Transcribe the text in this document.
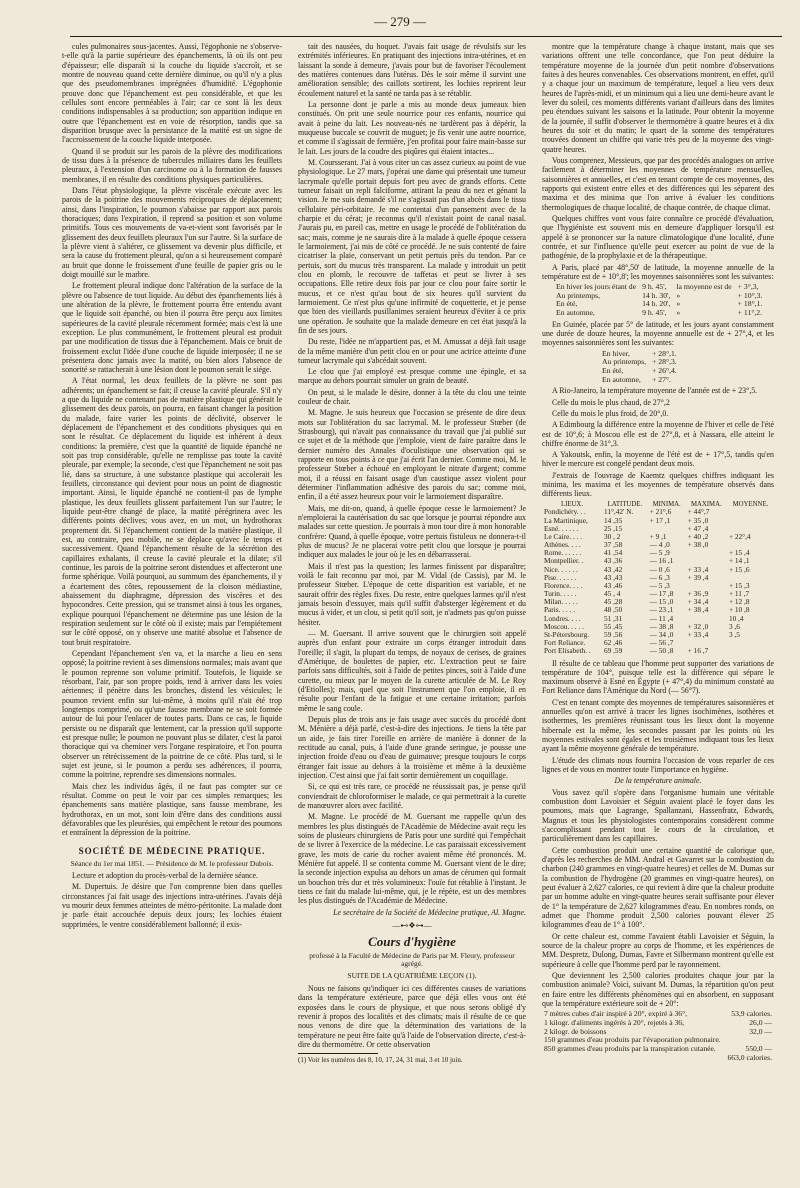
— 279 —

cules pulmonaires sous-jacentes. Aussi, l'égophonie ne s'observe-t-elle qu'à la partie supérieure des épanchements, là où ils ont peu d'épaisseur; elle disparaît si la couche du liquide s'accroît, et se montre de nouveau quand cette dernière diminue, ou qu'il n'y a plus que des pseudomembranes imprégnées d'humidité. L'égophonie prouve donc que l'épanchement est peu considérable, et que les cellules sont encore perméables à l'air; car ce sont là les deux conditions indispensables à sa production; son apparition indique en outre que l'épanchement est en voie de résorption, tandis que sa disparition brusque avec la persistance de la matité est un signe de l'accroissement de la couche liquide interposée.

Quand il se produit sur les parois de la plèvre des modifications de tissu dues à la présence de tubercules miliaires dans les feuillets pleuraux, à l'extension d'un carcinome ou à la formation de fausses membranes, il en résulte des conditions physiques particulières.

Dans l'état physiologique, la plèvre viscérale exécute avec les parois de la poitrine des mouvements réciproques de déplacement; ainsi, dans l'inspiration, le poumon s'abaisse par rapport aux parois thoraciques; dans l'expiration, il reprend sa position et son volume primitifs. Tous ces mouvements de va-et-vient sont favorisés par le glissement des deux feuillets pleuraux l'un sur l'autre. Si la surface de la plèvre vient à s'altérer, ce glissement va devenir plus difficile, et sera la cause du frottement pleural, qu'on a si heureusement comparé au bruit que donne le froissement d'une feuille de papier gris ou le doigt mouillé sur le marbre.

Le frottement pleural indique donc l'altération de la surface de la plèvre ou l'absence de tout liquide. Au début des épanchements liés à une altération de la plèvre, le frottement pourra être entendu avant que le liquide soit épanché, ou bien il pourra être perçu aux limites supérieures de la cavité pleurale récemment formée; mais c'est là une exception. Le plus communément, le frottement pleural est produit par une modification de tissus due à l'épanchement. Mais ce bruit de froissement exclut l'idée d'une couche de liquide interposée; il ne se présentera donc jamais avec la matité, ou bien alors l'absence de sonorité se rattacherait à une lésion dont le poumon serait le siége.

A l'état normal, les deux feuillets de la plèvre ne sont pas adhérents; un épanchement se fait; il creuse la cavité pleurale. S'il n'y a que du liquide ne contenant pas de matière plastique qui générait le glissement des deux parois, on pourra, en faisant changer la position du malade, faire varier les points de déclivité, observer le déplacement de l'épanchement et des conditions physiques qui en sont le résultat. Ce déplacement du liquide est inhérent à deux conditions: la première, c'est que la quantité de liquide épanché ne soit pas trop considérable, qu'elle ne remplisse pas toute la cavité pleurale, par exemple; la seconde, c'est que l'épanchement ne soit pas lié, dans sa structure, à une substance plastique qui accolerait les feuillets, circonstance qui devient pour nous un point de diagnostic important. Ainsi, le liquide épanché ne contient-il pas de lymphe plastique, les deux feuillets glissent parfaitement l'un sur l'autre; le liquide peut-être changé de place, la matité pérégrinera avec les différents points déclives; vous avez, en un mot, un hydrothorax proprement dit. Si l'épanchement contient de la matière plastique, il est, au contraire, peu mobile, ne se déplace qu'avec le temps et successivement. Quand l'épanchement résulte de la sécrétion des capillaires exhalants, il creuse la cavité pleurale et la dilate; s'il continue, les parois de la poitrine seront distendues et affecteront une forme sphérique. Voilà pourquoi, au summum des épanchements, il y a écartement des côtes, repoussement de la cloison médiastine, abaissement du diaphragme, dépression des viscères et des hypocondres. Cette pression, qui se transmet ainsi à tous les organes, explique pourquoi l'épanchement ne détermine pas une lésion de la respiration seulement sur le côté où il existe; mais par l'empiétement sur le côté opposé, on y observe une matité absolue et l'absence de tout bruit respiratoire.

Cependant l'épanchement s'en va, et la marche a lieu en sens opposé; la poitrine revient à ses dimensions normales; mais avant que le poumon reprenne son volume primitif. Toutefois, le liquide se résorbant, l'air, par son propre poids, tend à arriver dans les voies aériennes; il pénètre dans les bronches, distend les vésicules; le poumon revient enfin sur lui-même, à moins qu'il n'ait été trop longtemps comprimé, ou qu'une fausse membrane ne se soit formée autour de lui pour l'enlacer de toutes parts. Dans ce cas, le liquide persiste ou ne disparaît que lentement, car la pression qu'il supporte est presque nulle; le poumon ne pouvant plus se dilater, c'est la paroi thoracique qui va cheminer vers l'organe respiratoire, et l'on pourra observer un rétrécissement de la poitrine de ce côté. Plus tard, si le sujet est jeune, si le poumon a perdu ses adhérences, il pourra, comme la poitrine, reprendre ses dimensions normales.

Mais chez les individus âgés, il ne faut pas compter sur ce résultat. Comme on peut le voir par ces simples remarques; les épanchements sans matière plastique, sans fausse membrane, les hydrothorax, en un mot, sont loin d'être dans des conditions aussi défavorables que les pleurésies, qui empêchent le retour des poumons et entraînent la dépression de la poitrine.

SOCIÉTÉ DE MÉDECINE PRATIQUE.

Séance du 1er mai 1851. — Présidence de M. le professeur Dubois.

Lecture et adoption du procès-verbal de la dernière séance.

M. Dupertuis. Je désire que l'on comprenne bien dans quelles circonstances j'ai fait usage des injections intra-utérines. J'avais déjà vu mourir deux femmes atteintes de métro-péritonite. La malade dont je parle était accouchée depuis deux jours; les lochies étaient supprimées, le ventre considérablement ballonné; il exis-

tait des nausées, du hoquet. J'avais fait usage de révulsifs sur les extrémités inférieures. En pratiquant des injections intra-utérines, et en laissant la sonde à demeure, j'avais pour but de favoriser l'écoulement des matières contenues dans l'utérus. Dès le soir même il survint une amélioration sensible; des caillots sortirent, les lochies reprirent leur écoulement naturel et la santé ne tarda pas à se rétablir.

La personne dont je parle a mis au monde deux jumeaux bien constitués. On prit une seule nourrice pour ces enfants, nourrice qui avait à peine du lait. Les nouveau-nés ne tardèrent pas à dépérir, la muqueuse buccale se couvrit de muguet; je fis venir une autre nourrice, et comme il s'agissait de fermière, j'en profitai pour faire main-basse sur le lait. Les jours de la coudre des piqûres qui étaient intactes...

M. Coursserant. J'ai à vous citer un cas assez curieux au point de vue physiologique. Le 27 mars, j'opérai une dame qui présentait une tumeur lacrymale qu'elle portait depuis fort peu avec de grands efforts. Cette tumeur faisait un repli falciforme, attirant la peau du nez et génant la vision. Je me suis demandé s'il ne s'agissait pas d'un abcès dans le tissu cellulaire péri-orbitaire. Je me contentai d'un pansement avec de la charpie et du cérat; je reconnus qu'il n'existait point de canal nasal. J'aurais pu, en pareil cas, mettre en usage le procédé de l'oblitération du sac; mais, comme je ne saurais dire à la malade à quelle époque cessera le larmoiement, j'ai mis de côté ce procédé. Je ne suis contenté de faire cicatriser la plaie, conservant un petit pertuis près du tendon. Par ce pertuis, sort du mucus très transparent. La malade y introduit un petit clou en plomb, le recouvre de taffetas et peut se livrer à ses occupations. Elle retire deux fois par jour ce clou pour faire sortir le mucus, et ce n'est qu'au bout de six heures qu'il survient du larmoiement. Ce n'est plus qu'une infirmité de coquetterie, et je pense que bien des vieillards pusillanimes seraient heureux d'éviter à ce prix une opération. Je souhaite que la malade demeure en cet état jusqu'à la fin de ses jours.

Du reste, l'idée ne m'appartient pas, et M. Amussat a déjà fait usage de la même manière d'un petit clou en or pour une actrice atteinte d'une tumeur lacrymale qui s'abcédait souvent.

Le clou que j'ai employé est presque comme une épingle, et sa marque au dehors pourrait simuler un grain de beauté.

On peut, si le malade le désire, donner à la tête du clou une teinte couleur de chair.

M. Magne. Je suis heureux que l'occasion se présente de dire deux mots sur l'oblitération du sac lacrymal. M. le professeur Stœber (de Strasbourg), qui n'avait pas connaissance du travail que j'ai publié sur ce sujet et de la méthode que j'emploie, vient de faire paraître dans le dernier numéro des Annales d'oculistique une observation qui se rapporte en tous points à ce que j'ai écrit l'an dernier. Comme moi, M. le professeur Stœber a échoué en employant le nitrate d'argent; comme moi, il a réussi en faisant usage d'un caustique assez violent pour déterminer l'inflammation adhésive des parois du sac; comme moi, enfin, il a été assez heureux pour voir le larmoiement disparaître.

Mais, me dit-on, quand, à quelle époque cesse le larmoiement? Je n'emploierai la cautérisation du sac que lorsque je pourrai répondre aux malades sur cette question. Je pourrais à mon tour dire à mon honorable confrère: Quand, à quelle époque, votre pertuis fistuleux ne donnera-t-il plus de mucus? Je ne placerai votre petit clou que lorsque je pourrai indiquer aux malades le jour où je les en débarrasserai.

Mais il n'est pas la question; les larmes finissent par disparaître; voilà le fait reconnu par moi, par M. Vidal (de Cassis), par M. le professeur Stœber. L'époque de cette disparition est variable, et ne saurait offrir des règles fixes. Du reste, entre quelques larmes qu'il n'est jamais besoin d'essuyer, mais qu'il suffit d'absterger légèrement et du mucus à vider, et un clou, si petit qu'il soit, je n'admets pas qu'on puisse hésiter.

— M. Guersant. Il arrive souvent que le chirurgien soit appelé auprès d'un enfant pour extraire un corps étranger introduit dans l'oreille; il s'agit, la plupart du temps, de noyaux de cerises, de graines d'Amérique, de boulettes de papier, etc. L'extraction peut se faire parfois sans difficultés, soit à l'aide de petites pinces, soit à l'aide d'une curette, ou mieux par le moyen de la curette articulée de M. Le Roy (d'Etiolles); mais, quel que soit l'instrument que l'on emploie, il en résulte pour l'enfant de la fatigue et une certaine irritation; parfois même le sang coule.

Depuis plus de trois ans je fais usage avec succès du procédé dont M. Ménière a déjà parlé, c'est-à-dire des injections. Je tiens la tête par un aide, je fais tirer l'oreille en arrière de manière à donner de la rectitude au canal, puis, à l'aide d'une grande seringue, je pousse une injection froide d'eau ou d'eau de guimauve; presque toujours le corps étranger fait issue au dehors à la troisième et même à la deuxième injection. C'est ainsi que j'ai fait sortir dernièrement un coquillage.

Si, ce qui est très rare, ce procédé ne réussissait pas, je pense qu'il conviendrait de chloroformiser le malade, ce qui permettrait à la curette de manœuvrer alors avec facilité.

M. Magne. Le procédé de M. Guersant me rappelle qu'un des membres les plus distingués de l'Académie de Médecine avait reçu les soins de plusieurs chirurgiens de Paris pour une surdité qui l'empêchait de se livrer à l'exercice de la médecine. Le cas paraissait excessivement grave, les mots de carie du rocher avaient même été prononcés. M. Ménière fut appelé. Il se contenta comme M. Guersant vient de le dire; la seconde injection expulsa au dehors un amas de cérumen qui formait un bouchon très dur et très volumineux: l'ouïe fut rétablie à l'instant. Je tiens ce fait du malade lui-même, qui, je le répète, est un des membres les plus distingués de l'Académie de Médecine.

Le secrétaire de la Société de Médecine pratique, Al. Magne.

—⊷❖⊶—

Cours d'hygiène

professé à la Faculté de Médecine de Paris par M. Fleury, professeur agrégé.

SUITE DE LA QUATRIÈME LEÇON (1).

Nous ne faisons qu'indiquer ici ces différentes causes de variations dans la température extérieure, parce que déjà elles vous ont été exposées dans le cours de physique, et que nous serons obligé d'y revenir à propos des localités et des climats; mais il résulte de ce que nous venons de dire que la détermination des variations de la température ne peut être faite qu'à l'aide de l'observation directe, c'est-à-dire du thermomètre. Or cette observation

(1) Voir les numéros des 8, 10, 17, 24, 31 mai, 3 et 10 juin.

montre que la température change à chaque instant, mais que ses variations offrent une telle concordance, que l'on peut déduire la température moyenne de la journée d'un petit nombre d'observations faites à des heures convenables. Ces observations montrent, en effet, qu'il y a chaque jour un maximum de température, lequel a lieu vers deux heures de l'après-midi, et un minimum qui a lieu une demi-heure avant le lever du soleil, ces moments différents variant d'ailleurs dans des limites peu étendues suivant les saisons et la latitude. Pour obtenir la moyenne de la journée, il suffit d'observer le thermomètre à quatre heures et à dix heures du soir et du matin; le quart de la somme des températures trouvées donnent un chiffre qui varie très peu de la moyenne des vingt-quatre heures.

Vous comprenez, Messieurs, que par des procédés analogues on arrive facilement à déterminer les moyennes de température mensuelles, saisonnières et annuelles, et c'est en tenant compte de ces moyennes, des rapports qui existent entre elles et des différences qui les séparent des maxima et des minima que l'on arrive à évaluer les conditions thermologiques de chaque localité, de chaque contrée, de chaque climat.

Quelques chiffres vont vous faire connaître ce procédé d'évaluation, que l'hygiéniste est souvent mis en demeure d'appliquer lorsqu'il est appelé à se prononcer sur la nature climatologique d'une localité, d'une contrée, et sur l'influence qu'elle peut exercer au point de vue de la pathogénie, de la prophylaxie et de la thérapeutique.

A Paris, placé par 48°,50' de latitude, la moyenne annuelle de la température est de + 10°,8'; les moyennes saisonnières sont les suivantes:

En hiver les jours étant de	9 h. 45',	la moyenne est de	+ 3°,3,
Au printemps,	14 h. 30',	»	+ 10°,3.
En été,	14 h. 20',	»	+ 18°,1.
En automne,	9 h. 45',	»	+ 11°,2.

En Guinée, placée par 5° de latitude, et les jours ayant constamment une durée de douze heures, la moyenne annuelle est de + 27°,4, et les moyennes saisonnières sont les suivantes:

En hiver,	+ 28°,1.
Au printemps,	+ 28°,3.
En été,	+ 26°,4.
En automne,	+ 27°.

A Rio-Janeiro, la température moyenne de l'année est de + 23°,5.

Celle du mois le plus chaud, de 27°,2

Celle du mois le plus froid, de 20°,0.

A Edimbourg la différence entre la moyenne de l'hiver et celle de l'été est de 10°,6; à Moscou elle est de 27°,8, et à Nassara, elle atteint le chiffre énorme de 31°,3.

A Yakoutsk, enfin, la moyenne de l'été est de + 17°,5, tandis qu'en hiver le mercure est congelé pendant deux mois.

J'extrais de l'ouvrage de Kaemtz quelques chiffres indiquant les minima, les maxima et les moyennes de température observés dans différents lieux.

LIEUX.	LATITUDE.	MINIMA.	MAXIMA.	MOYENNE.
Pondichéry. . .	11°,42' N.	+ 21°,6	+ 44°,7	
La Martinique,	14 ,35	+ 17 ,1	+ 35 ,0	
Esné. . . . . .	25 ,15		+ 47 ,4	
Le Caire. . . .	30 , 2	+ 9 ,1	+ 40 ,2	+ 22°,4
Athènes. . . .	37 ,58	— 4 ,0	+ 38 ,0	
Rome. . . . . .	41 ,54	— 5 ,9		+ 15 ,4
Montpellier. .	43 ,36	— 16 ,1		+ 14 ,1
Nice. . . . . .	43 ,42	— 0 ,6	+ 33 ,4	+ 15 ,6
Pise. . . . . .	43 ,43	— 6 ,3	+ 39 ,4	
Florence. . . .	43 ,46	— 5 ,3		+ 15 ,3
Turin. . . . .	45 , 4	— 17 ,8	+ 36 ,9	+ 11 ,7
Milan. . . . .	45 ,28	— 15 ,0	+ 34 ,4	+ 12 ,8
Paris. . . . .	48 ,50	— 23 ,1	+ 38 ,4	+ 10 ,8
Londres. . . .	51 ,31	— 11 ,4		10 ,4
Moscou. . . . .	55 ,45	— 38 ,8	+ 32 ,0	3 ,6
St-Pétersbourg.	59 ,56	— 34 ,0	+ 33 ,4	3 ,5
Fort Reliance.	62 ,46	— 56 ,7		
Port Elisabeth. .	69 ,59	— 50 ,8	+ 16 ,7	

Il résulte de ce tableau que l'homme peut supporter des variations de température de 104°, puisque telle est la différence qui sépare le maximum observé à Esné en Égypte (+ 47°,4) du minimum constaté au Fort Reliance dans l'Amérique du Nord (— 56°7).

C'est en tenant compte des moyennes de températures saisonnières et annuelles qu'on est arrivé à tracer les lignes isochimènes, isothères et isothermes, les premières réunissant tous les lieux dont la moyenne hibernale est la même, les secondes passant par les points où les moyennes estivales sont égales et les troisièmes indiquant tous les lieux ayant la même moyenne générale de température.

L'étude des climats nous fournira l'occasion de vous reparler de ces lignes et de vous en montrer toute l'importance en hygiène.

De la température animale.

Vous savez qu'il s'opère dans l'organisme humain une véritable combustion dont Lavoisier et Séguin avaient placé le foyer dans les poumons, mais que Lagrange, Spallanzani, Hassenfratz, Edwards, Magnus et tous les physiologistes contemporains considèrent comme s'accomplissant pendant tout le cours de la circulation, et particulièrement dans les capillaires.

Cette combustion produit une certaine quantité de calorique que, d'après les recherches de MM. Andral et Gavarret sur la combustion du charbon (240 grammes en vingt-quatre heures) et celles de M. Dumas sur la combustion de l'hydrogène (20 grammes en vingt-quatre heures), on peut évaluer à 2,627 calories, ce qui revient à dire que la chaleur produite par un homme adulte en vingt-quatre heures serait suffisante pour élever de 1° la température de 2,627 kilogrammes d'eau. En nombres ronds, on admet que l'homme produit 2,500 calories pouvant élever 25 kilogrammes d'eau de 1° à 100°.

Or cette chaleur est, comme l'avaient établi Lavoisier et Séguin, la source de la chaleur propre au corps de l'homme, et les expériences de MM. Despretz, Dulong, Dumas, Favre et Silbermann montrent qu'elle est supérieure à celle que l'homme perd par le rayonnement.

Que deviennent les 2,500 calories produites chaque jour par la combustion animale? Voici, suivant M. Dumas, la répartition qu'on peut en faire entre les différents phénomènes qui en absorbent, en supposant que la température extérieure soit de + 20°:

7 mètres cubes d'air inspiré à 20°, expiré à 36°,	53,9 calories.
1 kilogr. d'aliments ingérés à 20°, rejetés à 36,	26,0 —
2 kilogr. de boissons	32,0 —
150 grammes d'eau produits par l'évaporation pulmonaire.	
850 grammes d'eau produits par la transpiration cutanée.	550,0 —
	663,0 calories.
